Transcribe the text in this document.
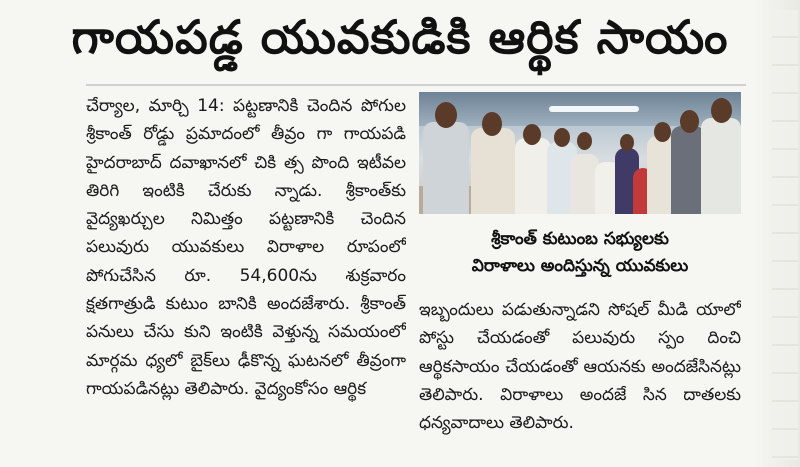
గాయపడ్డ యువకుడికి ఆర్థిక సాయం

చేర్యాల, మార్చి 14: పట్టణానికి చెందిన పోగుల శ్రీకాంత్ రోడ్డు ప్రమాదంలో తీవ్రం గా గాయపడి హైదరాబాద్ దవాఖానలో చికి త్స పొంది ఇటీవల తిరిగి ఇంటికి చేరుకు న్నాడు. శ్రీకాంత్‌కు వైద్యఖర్చుల నిమిత్తం పట్టణానికి చెందిన పలువురు యువకులు విరాళాల రూపంలో పోగుచేసిన రూ. 54,600ను శుక్రవారం క్షతగాత్రుడి కుటుం బానికి అందజేశారు. శ్రీకాంత్ పనులు చేసు కుని ఇంటికి వెళ్తున్న సమయంలో మార్గమ ధ్యలో బైక్‌లు ఢీకొన్న ఘటనలో తీవ్రంగా గాయపడినట్లు తెలిపారు. వైద్యంకోసం ఆర్థిక

శ్రీకాంత్ కుటుంబ సభ్యులకు
విరాళాలు అందిస్తున్న యువకులు

ఇబ్బందులు పడుతున్నాడని సోషల్ మీడి యాలో పోస్టు చేయడంతో పలువురు స్పం దించి ఆర్థికసాయం చేయడంతో ఆయనకు అందజేసినట్లు తెలిపారు. విరాళాలు అందజే సిన దాతలకు ధన్యవాదాలు తెలిపారు.
